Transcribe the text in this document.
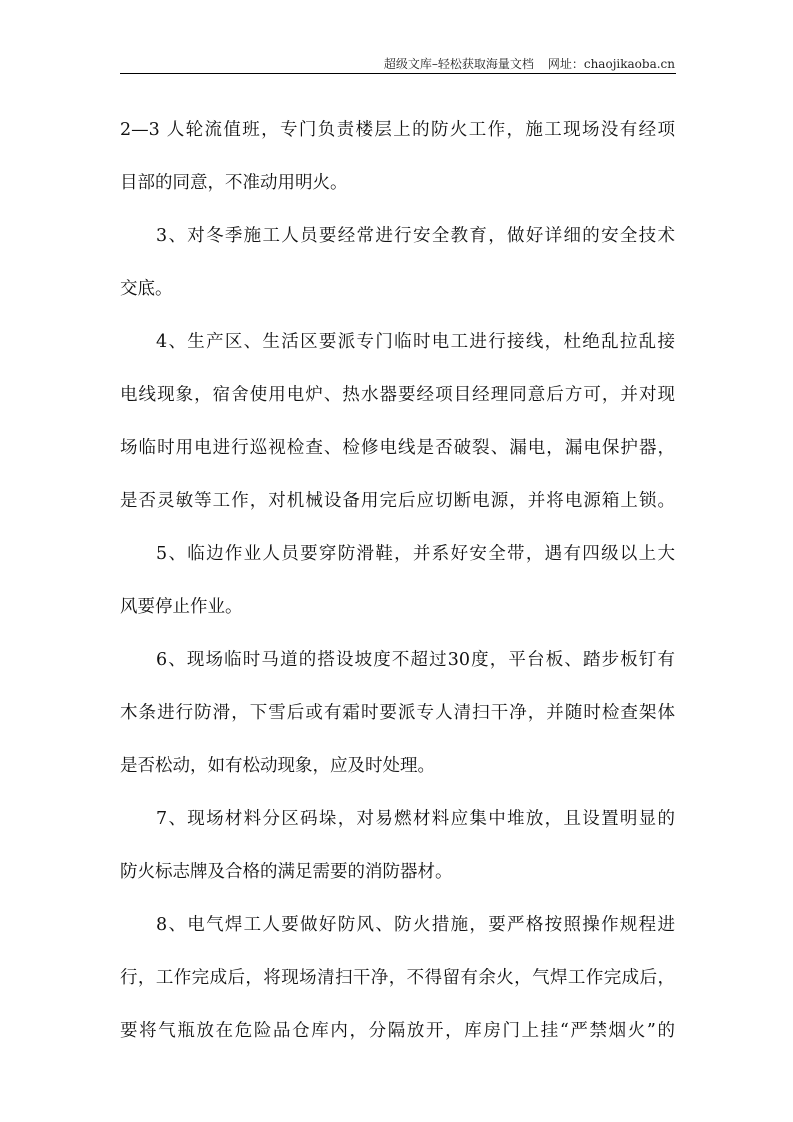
超级文库–轻松获取海量文档 网址：chaojikaoba.cn
2—3 人轮流值班，专门负责楼层上的防火工作，施工现场没有经项
目部的同意，不准动用明火。
3、对冬季施工人员要经常进行安全教育，做好详细的安全技术
交底。
4、生产区、生活区要派专门临时电工进行接线，杜绝乱拉乱接
电线现象，宿舍使用电炉、热水器要经项目经理同意后方可，并对现
场临时用电进行巡视检查、检修电线是否破裂、漏电，漏电保护器，
是否灵敏等工作，对机械设备用完后应切断电源，并将电源箱上锁。
5、临边作业人员要穿防滑鞋，并系好安全带，遇有四级以上大
风要停止作业。
6、现场临时马道的搭设坡度不超过30度，平台板、踏步板钉有
木条进行防滑，下雪后或有霜时要派专人清扫干净，并随时检查架体
是否松动，如有松动现象，应及时处理。
7、现场材料分区码垛，对易燃材料应集中堆放，且设置明显的
防火标志牌及合格的满足需要的消防器材。
8、电气焊工人要做好防风、防火措施，要严格按照操作规程进
行，工作完成后，将现场清扫干净，不得留有余火，气焊工作完成后，
要将气瓶放在危险品仓库内，分隔放开，库房门上挂“严禁烟火”的
